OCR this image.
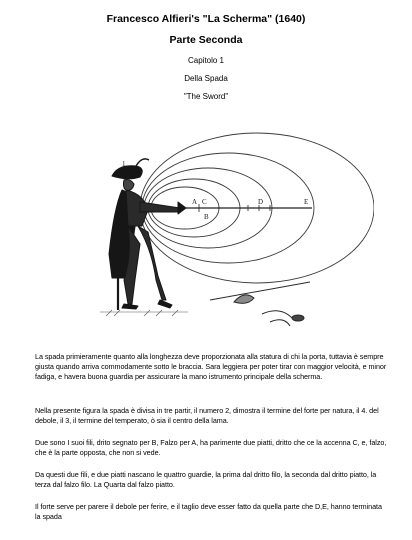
Francesco Alfieri's "La Scherma" (1640)
Parte Seconda
Capitolo 1
Della Spada
"The Sword"
1
A
B
C	D	E

La spada primieramente quanto alla longhezza deve proporzionata alla statura di chi la porta, tuttavia è sempre giusta quando arriva commodamente sotto le braccia. Sara leggiera per poter tirar con maggior velocità, e minor fadiga, e havera buona guardia per assicurare la mano istrumento principale della scherma.

Nella presente figura la spada è divisa in tre partir, il numero 2, dimostra il termine del forte per natura, il 4. del debole, il 3, il termine del temperato, ò sia il centro della lama.

Due sono I suoi fili, drito segnato per B, Falzo per A, ha parimente due piatti, dritto che ce la accenna C, e, falzo, che è la parte opposta, che non si vede.

Da questi due fili, e due piatti nascano le quattro guardie, la prima dal dritto filo, la seconda dal dritto piatto, la terza dal falzo filo. La Quarta dal falzo piatto.

Il forte serve per parere il debole per ferire, e il taglio deve esser fatto da quella parte che D,E, hanno terminata la spada
